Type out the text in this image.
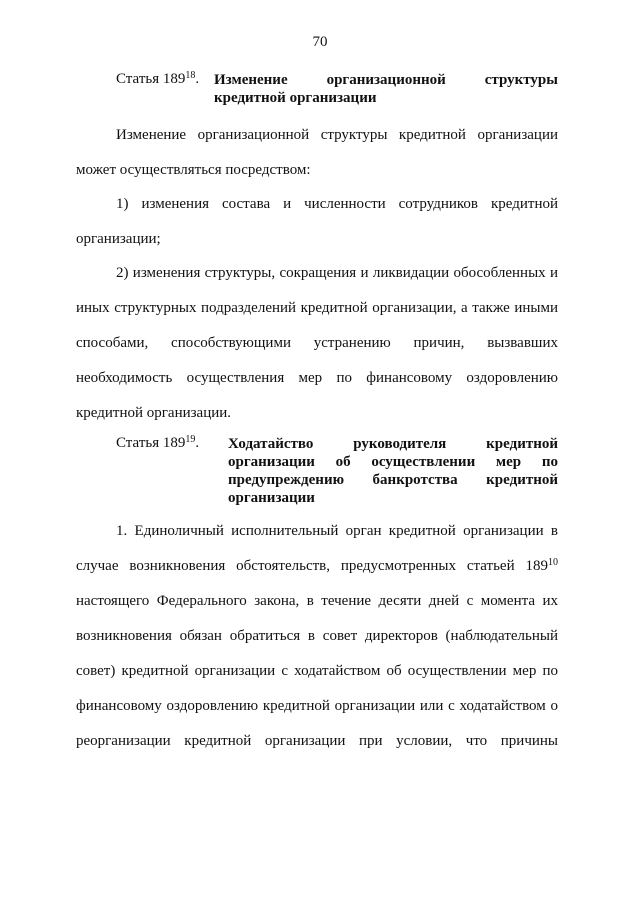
70
Статья $189^{18}$. Изменение организационной структуры кредитной организации
Изменение организационной структуры кредитной организации может осуществляться посредством:
1) изменения состава и численности сотрудников кредитной организации;
2) изменения структуры, сокращения и ликвидации обособленных и иных структурных подразделений кредитной организации, а также иными способами, способствующими устранению причин, вызвавших необходимость осуществления мер по финансовому оздоровлению кредитной организации.
Статья $189^{19}$.	Ходатайство руководителя кредитной организации об осуществлении мер по предупреждению банкротства кредитной организации
1. Единоличный исполнительный орган кредитной организации в случае возникновения обстоятельств, предусмотренных статьей $189^{10}$ настоящего Федерального закона, в течение десяти дней с момента их возникновения обязан обратиться в совет директоров (наблюдательный совет) кредитной организации с ходатайством об осуществлении мер по финансовому оздоровлению кредитной организации или с ходатайством о реорганизации кредитной организации при условии, что причины
